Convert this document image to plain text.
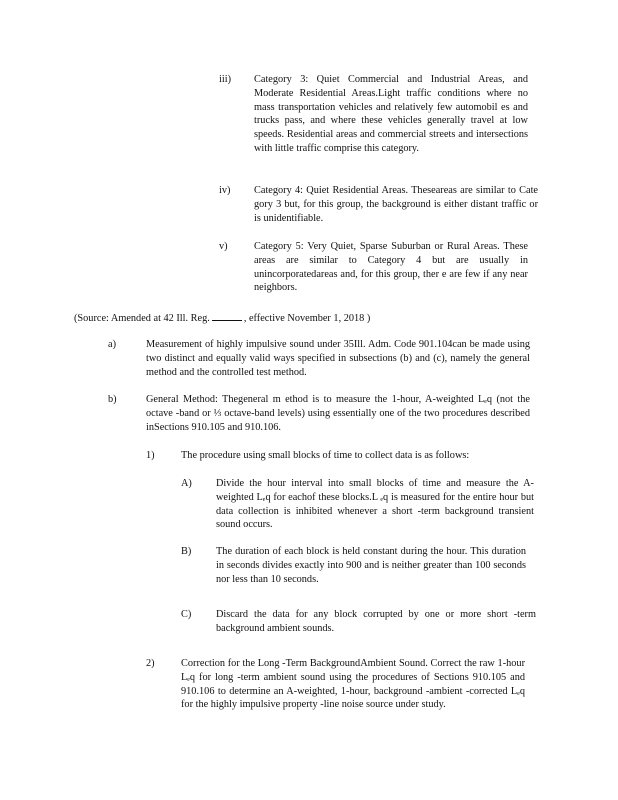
iii) Category 3: Quiet Commercial and Industrial Areas, and Moderate Residential Areas.Light traffic conditions where no mass transportation vehicles and relatively few automobil es and trucks pass, and where these vehicles generally travel at low speeds. Residential areas and commercial streets and intersections with little traffic comprise this category.
iv) Category 4: Quiet Residential Areas. Theseareas are similar to Cate gory 3 but, for this group, the background is either distant traffic or is unidentifiable.
v)	Category 5: Very Quiet, Sparse Suburban or Rural Areas. These areas are similar to Category 4 but are usually in unincorporatedareas and, for this group, ther e are few if any near neighbors.
(Source: Amended at 42 Ill. Reg.	, effective November 1, 2018 )
a)	Measurement of highly impulsive sound under 35Ill. Adm. Code 901.104can be made using two distinct and equally valid ways specified in subsections (b) and (c), namely the general method and the controlled test method.
b)	General Method: Thegeneral m ethod is to measure the 1-hour, A-weighted Lₑq (not the octave -band or ⅓ octave-band levels) using essentially one of the two procedures described inSections 910.105 and 910.106.
1)	The procedure using small blocks of time to collect data is as follows:
A) Divide the hour interval into small blocks of time and measure the A-weighted Lₑq for eachof these blocks.L ₑq is measured for the entire hour but data collection is inhibited whenever a short -term background transient sound occurs.
B) The duration of each block is held constant during the hour. This duration in seconds divides exactly into 900 and is neither greater than 100 seconds nor less than 10 seconds.
C) Discard the data for any block corrupted by one or more short -term background ambient sounds.
2)	Correction for the Long -Term BackgroundAmbient Sound. Correct the raw 1-hour Lₑq for long -term ambient sound using the procedures of Sections 910.105 and 910.106 to determine an A-weighted, 1-hour, background -ambient -corrected Lₑq for the highly impulsive property -line noise source under study.
